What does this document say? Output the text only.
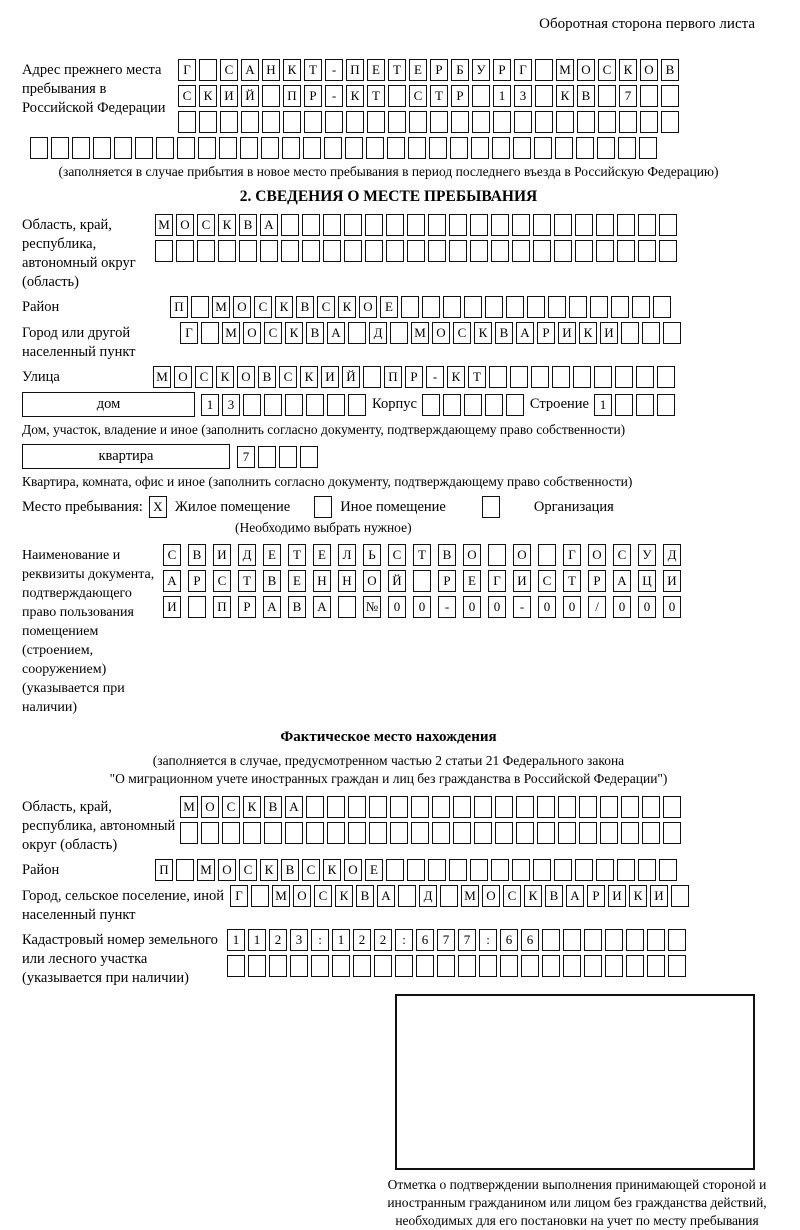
Оборотная сторона первого листа
Адрес прежнего места пребывания в Российской Федерации
Г	С А Н К Т	-	П Е	Т	Е	Р	Б У Р	Г	М О С К О В
С К И Й	П Р	-	К Т	С Т	Р	1	3	К В	7
(заполняется в случае прибытия в новое место пребывания в период последнего въезда в Российскую Федерацию)
2. СВЕДЕНИЯ О МЕСТЕ ПРЕБЫВАНИЯ
Область, край, республика, автономный округ (область)
М О С К В А
Район	П	М О С К В С К О Е
Город или другой населенный пункт
Г	М О С К В А	Д	М О С К В А Р И К И
Улица	М О С К О В С К И Й	П Р	-	К Т
дом	1	3	Корпус	Строение 1
Дом, участок, владение и иное (заполнить согласно документу, подтверждающему право собственности)
квартира	7
Квартира, комната, офис и иное (заполнить согласно документу, подтверждающему право собственности)
Место пребывания: X Жилое помещение	Иное помещение	Организация
(Необходимо выбрать нужное)
Наименование и реквизиты документа, подтверждающего право пользования помещением (строением, сооружением) (указывается при наличии)
С	В	И	Д	Е	Т	Е	Л	Ь	С	Т	В	О	О	Г	О	С	У	Д
А	Р	С	Т	В	Е	Н	Н	О	Й	Р	Е	Г	И	С	Т	Р	А	Ц	И
И	П	Р	А	В	А	№	0	0	-	0	0	-	0	0	/	0	0	0
Фактическое место нахождения
(заполняется в случае, предусмотренном частью 2 статьи 21 Федерального закона
"О миграционном учете иностранных граждан и лиц без гражданства в Российской Федерации")
Область, край, республика, автономный округ (область)
М О С К В А
Район	П	М О С К В С К О Е
Город, сельское поселение, иной населенный пункт
Г	М О С К В А	Д	М О С К В А Р И К И
Кадастровый номер земельного или лесного участка (указывается при наличии)
1	1	2	3	:	1	2	2	:	6	7	7	:	6	6
Отметка о подтверждении выполнения принимающей стороной и иностранным гражданином или лицом без гражданства действий, необходимых для его постановки на учет по месту пребывания
